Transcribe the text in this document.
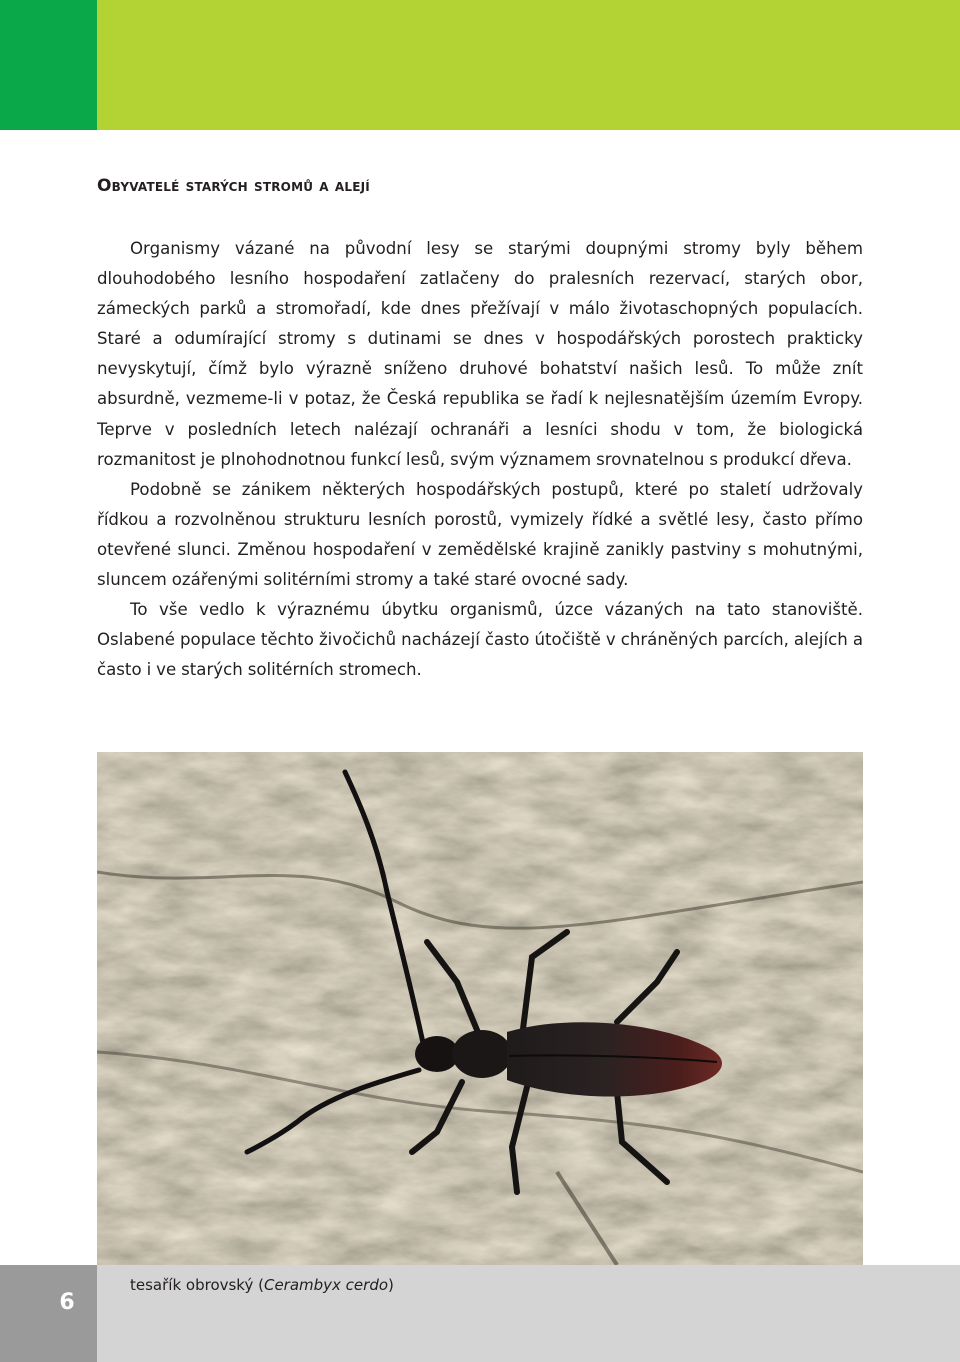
Obyvatelé starých stromů a alejí

Organismy vázané na původní lesy se starými doupnými stromy byly během dlouhodobého lesního hospodaření zatlačeny do pralesních rezervací, starých obor, zámeckých parků a stromořadí, kde dnes přežívají v málo životaschopných populacích. Staré a odumírající stromy s dutinami se dnes v hospodářských porostech prakticky nevyskytují, čímž bylo výrazně sníženo druhové bohatství našich lesů. To může znít absurdně, vezmeme-li v potaz, že Česká republika se řadí k nejlesnatějším územím Evropy. Teprve v posledních letech nalézají ochranáři a lesníci shodu v tom, že biologická rozmanitost je plnohodnotnou funkcí lesů, svým významem srovnatelnou s produkcí dřeva.

Podobně se zánikem některých hospodářských postupů, které po staletí udržovaly řídkou a rozvolněnou strukturu lesních porostů, vymizely řídké a světlé lesy, často přímo otevřené slunci. Změnou hospodaření v zemědělské krajině zanikly pastviny s mohutnými, sluncem ozářenými solitérními stromy a také staré ovocné sady.

To vše vedlo k výraznému úbytku organismů, úzce vázaných na tato stanoviště. Oslabené populace těchto živočichů nacházejí často útočiště v chráněných parcích, alejích a často i ve starých solitérních stromech.

6
tesařík obrovský (Cerambyx cerdo)
